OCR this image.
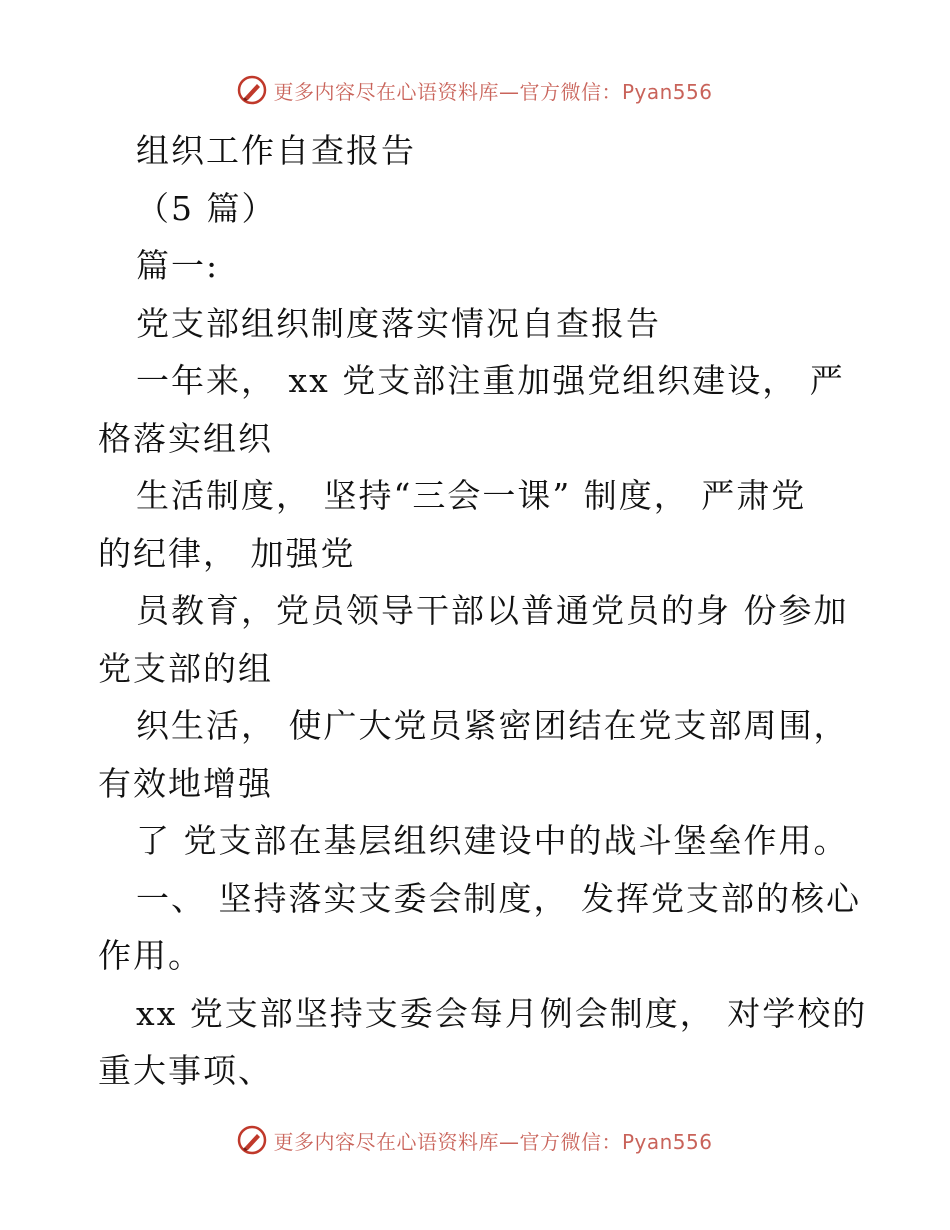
更多内容尽在心语资料库—官方微信：Pyan556
组织工作自查报告
（5 篇）
篇一:
党支部组织制度落实情况自查报告
一年来， xx 党支部注重加强党组织建设， 严
格落实组织
生活制度， 坚持“三会一课” 制度， 严肃党
的纪律， 加强党
员教育，党员领导干部以普通党员的身 份参加
党支部的组
织生活， 使广大党员紧密团结在党支部周围，
有效地增强
了 党支部在基层组织建设中的战斗堡垒作用。
一、 坚持落实支委会制度， 发挥党支部的核心
作用。
xx 党支部坚持支委会每月例会制度， 对学校的
重大事项、
更多内容尽在心语资料库—官方微信：Pyan556
